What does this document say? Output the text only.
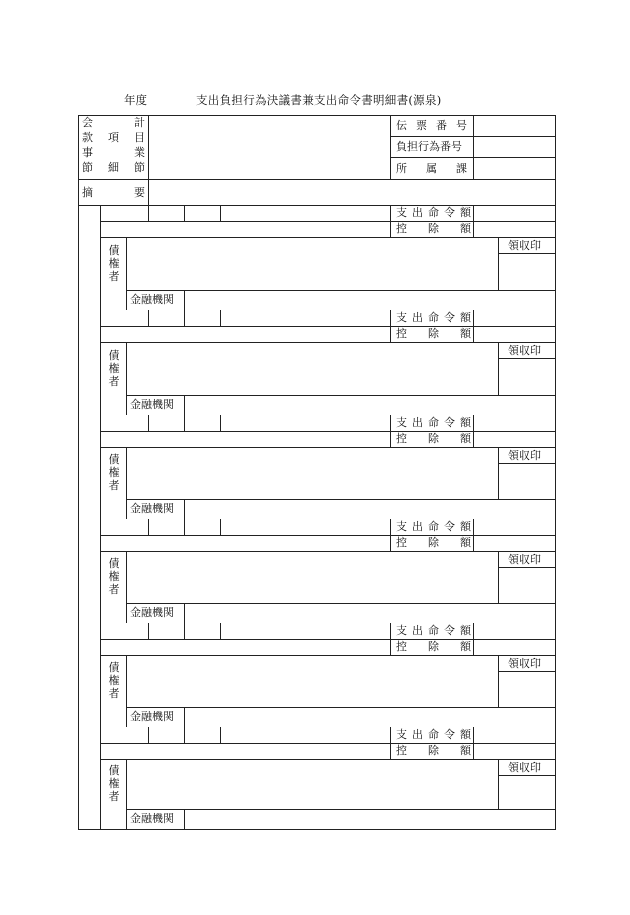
年度	支出負担行為決議書兼支出命令書明細書(源泉)
会	計
款 項 目
事	業
節 細 節
伝 票 番 号
負担行為番号
所 属 課
摘	要
支 出 命 令 額
控 除 額
領収印
債
権
者
金融機関
支 出 命 令 額
控 除 額
領収印
債
権
者
金融機関
支 出 命 令 額
控 除 額
領収印
債
権
者
金融機関
支 出 命 令 額
控 除 額
領収印
債
権
者
金融機関
支 出 命 令 額
控 除 額
領収印
債
権
者
金融機関
支 出 命 令 額
控 除 額
領収印
債
権
者
金融機関
